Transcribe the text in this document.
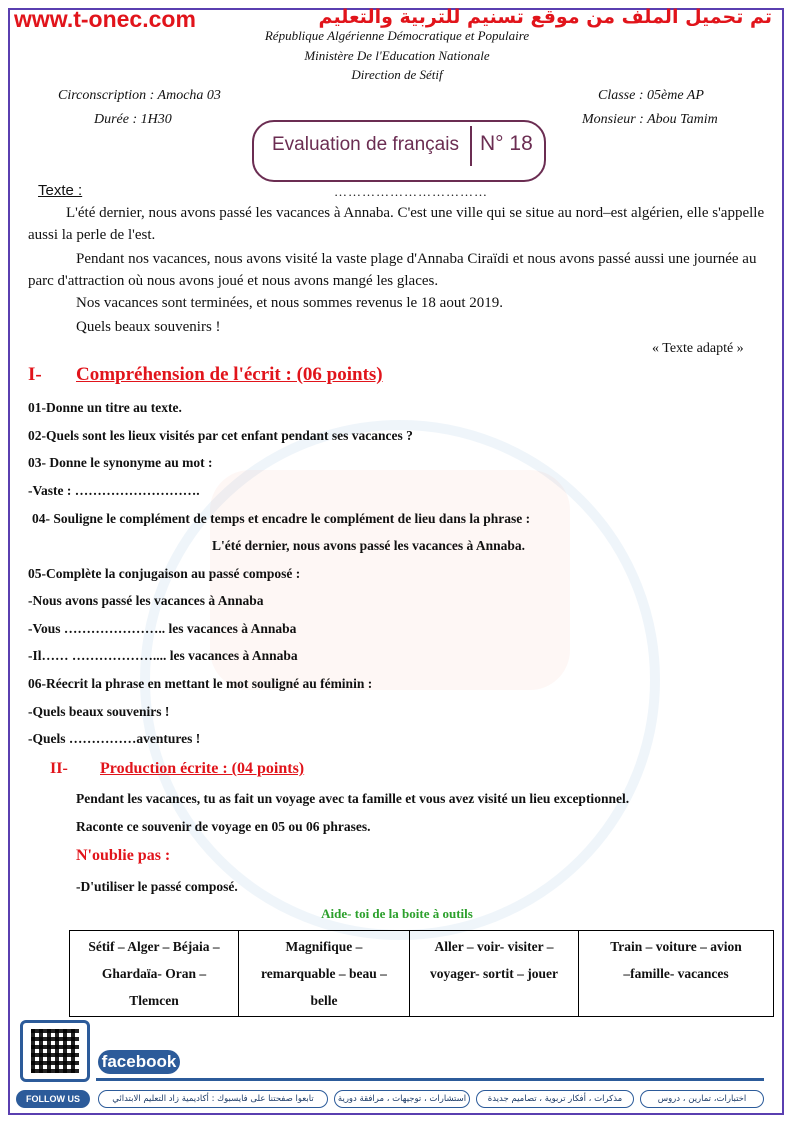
www.t-onec.com	تم تحميل الملف من موقع تسنيم للتربية والتعليم
République Algérienne Démocratique et Populaire
Ministère De l'Education Nationale
Direction de Sétif
Circonscription : Amocha 03
Durée : 1H30
Classe : 05ème AP
Monsieur : Abou Tamim
Evaluation de français N° 18
Texte :	……………………………
L'été dernier, nous avons passé les vacances à Annaba. C'est une ville qui se situe au nord–est algérien, elle s'appelle aussi la perle de l'est.
Pendant nos vacances, nous avons visité la vaste plage d'Annaba Ciraïdi et nous avons passé aussi une journée au parc d'attraction où nous avons joué et nous avons mangé les glaces.
Nos vacances sont terminées, et nous sommes revenus le 18 aout 2019.
Quels beaux souvenirs !
« Texte adapté »
I- Compréhension de l'écrit : (06 points)
01-Donne un titre au texte.
02-Quels sont les lieux visités par cet enfant pendant ses vacances ?
03- Donne le synonyme au mot :
-Vaste : ……………………….
04- Souligne le complément de temps et encadre le complément de lieu dans la phrase :
L'été dernier, nous avons passé les vacances à Annaba.
05-Complète la conjugaison au passé composé :
-Nous avons passé les vacances à Annaba
-Vous ………………….. les vacances à Annaba
-Il…… ……………….... les vacances à Annaba
06-Réecrit la phrase en mettant le mot souligné au féminin :
-Quels beaux souvenirs !
-Quels ……………aventures !
II- Production écrite : (04 points)
Pendant les vacances, tu as fait un voyage avec ta famille et vous avez visité un lieu exceptionnel.
Raconte ce souvenir de voyage en 05 ou 06 phrases.
N'oublie pas :
-D'utiliser le passé composé.
Aide- toi de la boite à outils
Sétif – Alger – Béjaia –
Ghardaïa- Oran –
Tlemcen

Magnifique –
remarquable – beau –
belle

Aller – voir- visiter –
voyager- sortit – jouer

Train – voiture – avion
–famille- vacances
facebook
FOLLOW US	اختبارات، تمارين ، دروس
مذكرات ، أفكار تربوية ، تصاميم جديدة
استشارات ، توجيهات ، مرافقة دورية
تابعوا صفحتنا على فايسبوك : أكاديمية زاد التعليم الابتدائي
